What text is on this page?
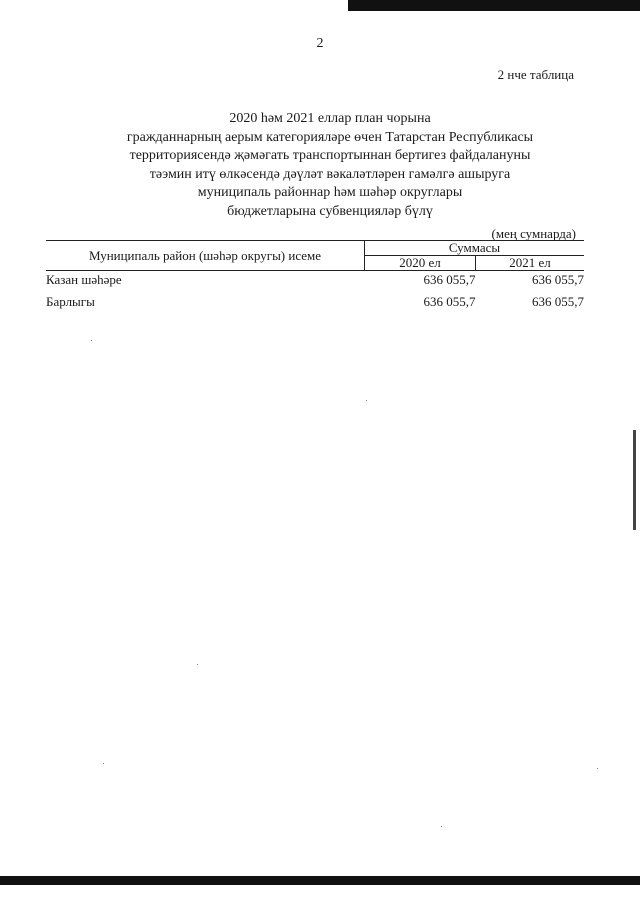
2
2 нче таблица
2020 һәм 2021 еллар план чорына
гражданнарның аерым категорияләре өчен Татарстан Республикасы
территориясендә җәмәгать транспортыннан бертигез файдалануны
тәэмин итү өлкәсендә дәүләт вәкаләтләрен гамәлгә ашыруга
муниципаль районнар һәм шәһәр округлары
бюджетларына субвенцияләр бүлү
(мең сумнарда)
Муниципаль район (шәһәр округы) исеме	Суммасы	
	2020 ел	2021 ел
Казан шәһәре	636 055,7	636 055,7
Барлыгы	636 055,7	636 055,7
